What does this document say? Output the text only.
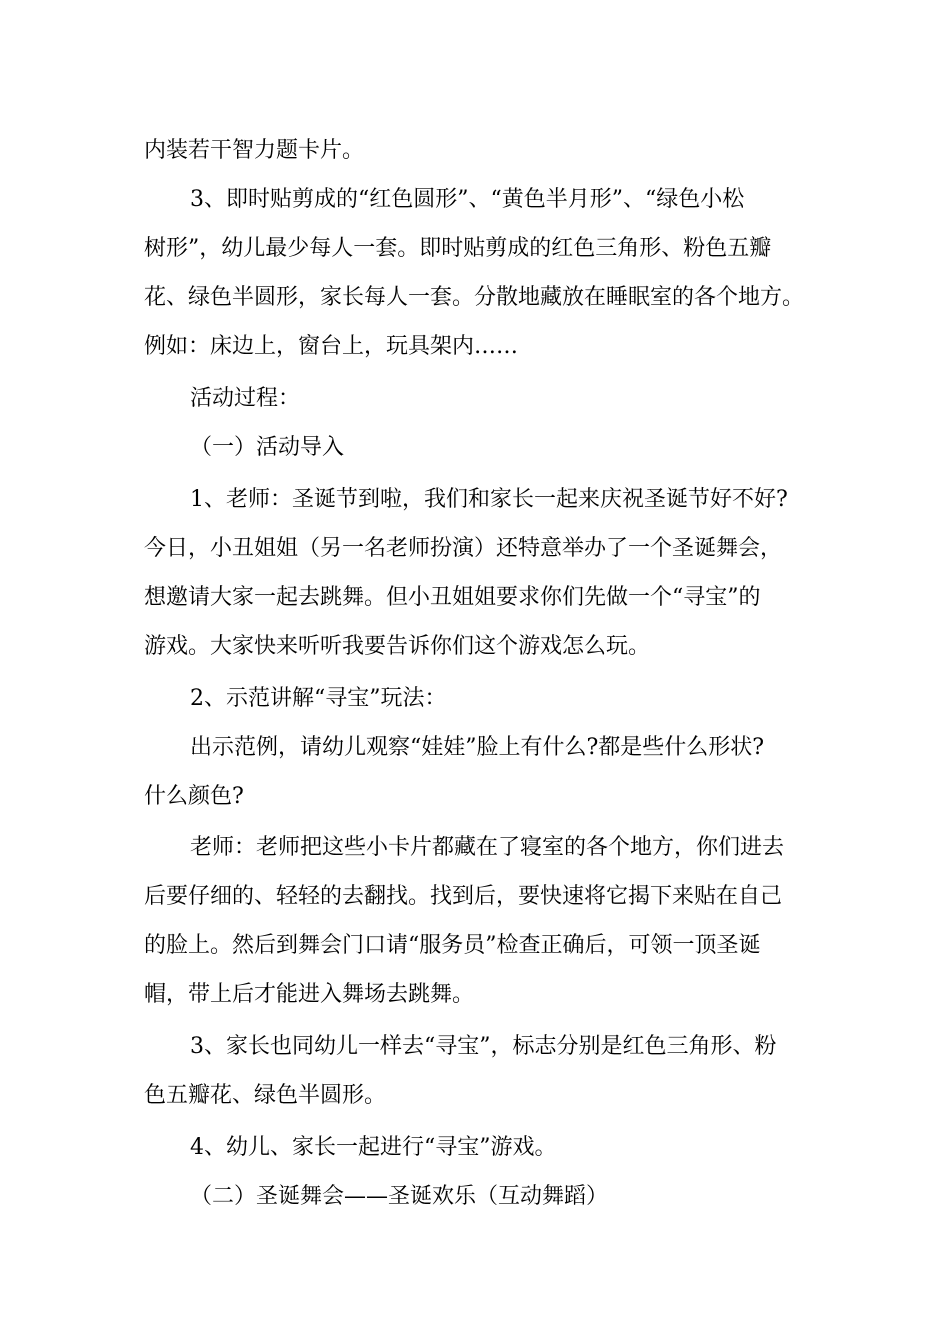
内装若干智力题卡片。
3、即时贴剪成的“红色圆形”、“黄色半月形”、“绿色小松
树形”，幼儿最少每人一套。即时贴剪成的红色三角形、粉色五瓣
花、绿色半圆形，家长每人一套。分散地藏放在睡眠室的各个地方。
例如：床边上，窗台上，玩具架内……
活动过程：
（一）活动导入
1、老师：圣诞节到啦，我们和家长一起来庆祝圣诞节好不好?
今日，小丑姐姐（另一名老师扮演）还特意举办了一个圣诞舞会，
想邀请大家一起去跳舞。但小丑姐姐要求你们先做一个“寻宝”的
游戏。大家快来听听我要告诉你们这个游戏怎么玩。
2、示范讲解“寻宝”玩法：
出示范例，请幼儿观察“娃娃”脸上有什么?都是些什么形状?
什么颜色?
老师：老师把这些小卡片都藏在了寝室的各个地方，你们进去
后要仔细的、轻轻的去翻找。找到后，要快速将它揭下来贴在自己
的脸上。然后到舞会门口请“服务员”检查正确后，可领一顶圣诞
帽，带上后才能进入舞场去跳舞。
3、家长也同幼儿一样去“寻宝”，标志分别是红色三角形、粉
色五瓣花、绿色半圆形。
4、幼儿、家长一起进行“寻宝”游戏。
（二）圣诞舞会——圣诞欢乐（互动舞蹈）
